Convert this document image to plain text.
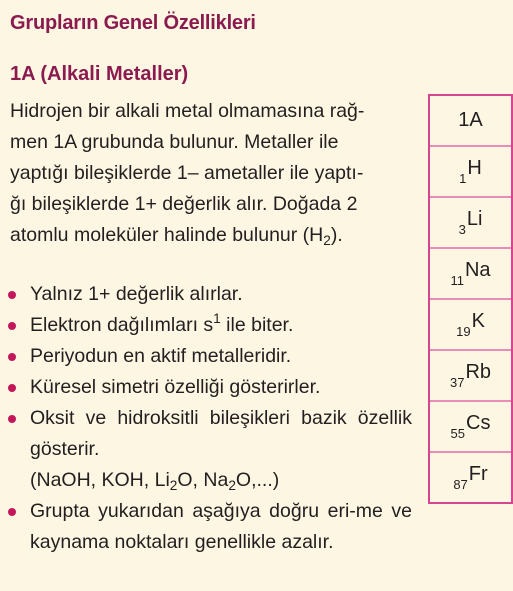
Grupların Genel Özellikleri
1A (Alkali Metaller)
Hidrojen bir alkali metal olmamasına rağ-
men 1A grubunda bulunur. Metaller ile
yaptığı bileşiklerde 1– ametaller ile yaptı-
ğı bileşiklerde 1+ değerlik alır. Doğada 2
atomlu moleküler halinde bulunur $(H_2)$.
Yalnız 1+ değerlik alırlar.
Elektron dağılımları $s^1$ ile biter.
Periyodun en aktif metalleridir.
Küresel simetri özelliği gösterirler.
Oksit ve hidroksitli bileşikleri bazik özellik gösterir.
(NaOH, KOH, $Li_2O$, $Na_2O$,...)
Grupta yukarıdan aşağıya doğru eri-me ve kaynama noktaları genellikle azalır.
1A
1 H
3 Li
11 Na
19 K
37 Rb
55 Cs
87 Fr
